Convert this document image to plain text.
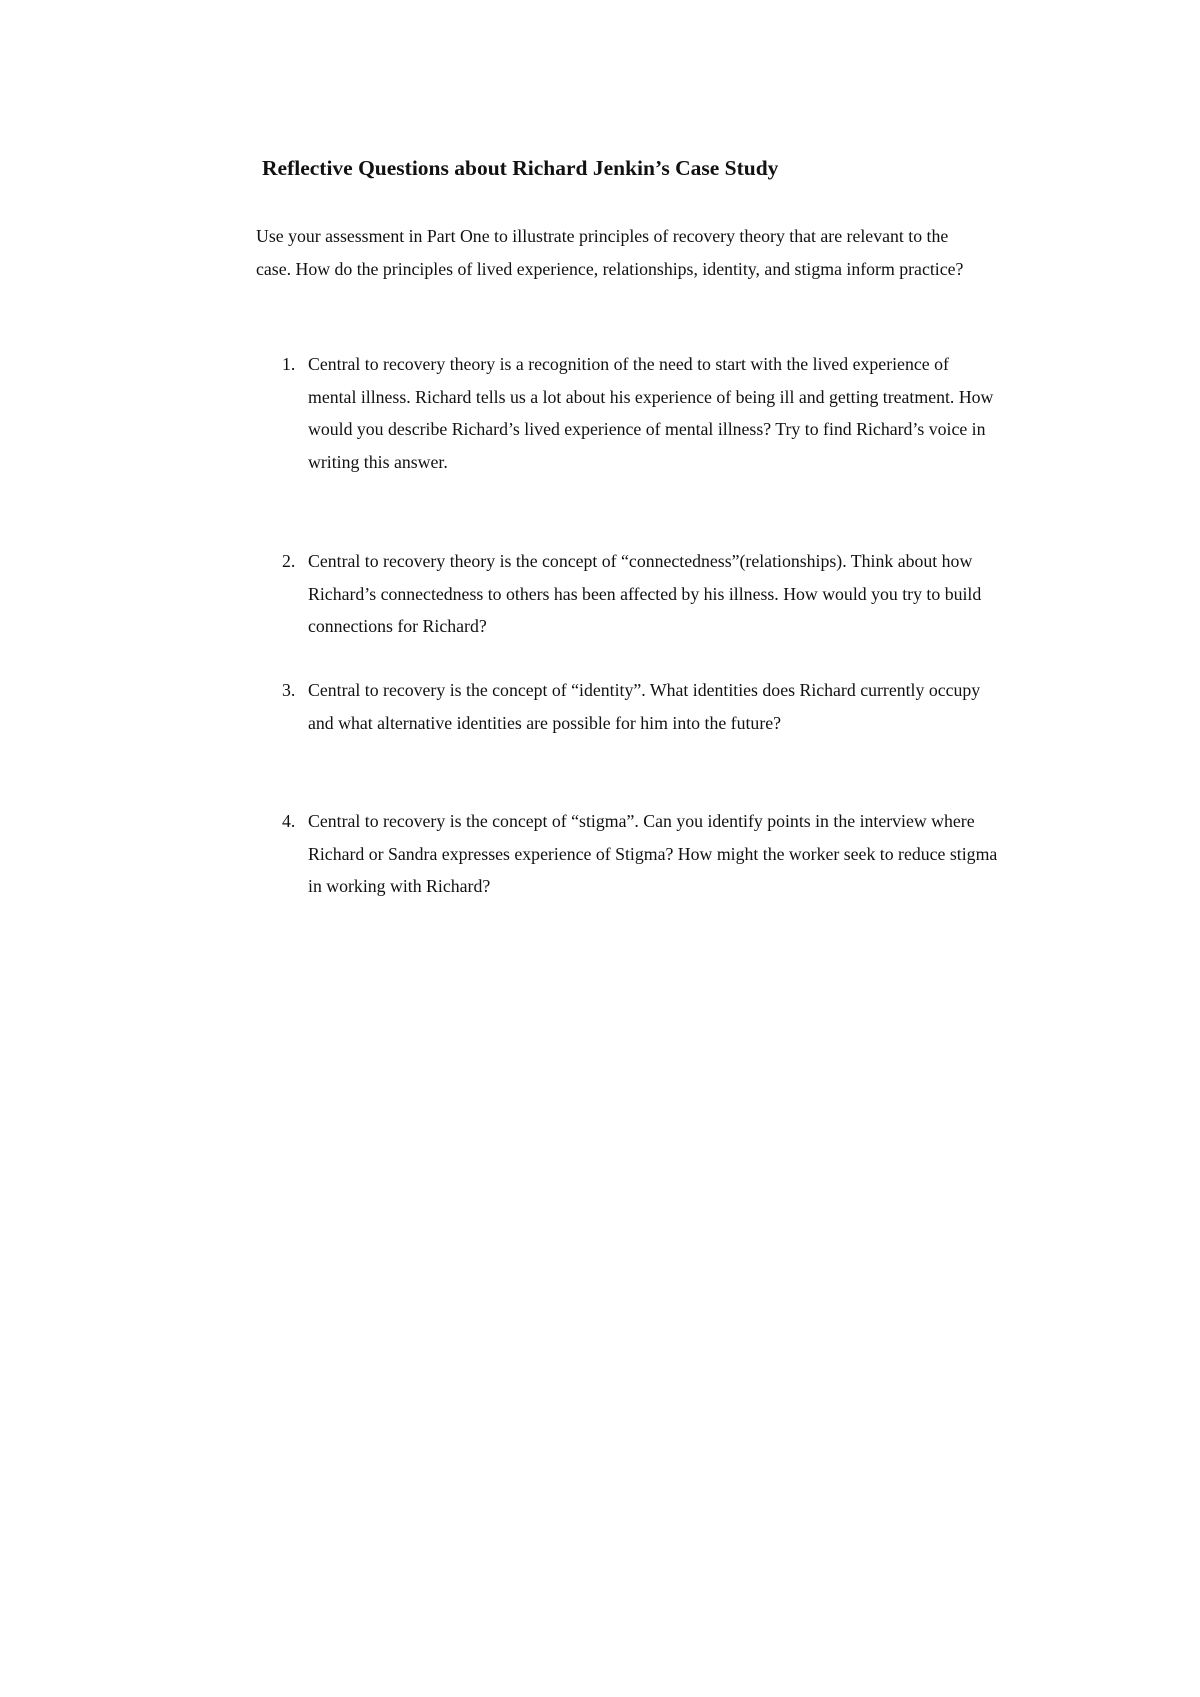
Reflective Questions about Richard Jenkin’s Case Study
Use your assessment in Part One to illustrate principles of recovery theory that are relevant to the case. How do the principles of lived experience, relationships, identity, and stigma inform practice?
1. Central to recovery theory is a recognition of the need to start with the lived experience of mental illness. Richard tells us a lot about his experience of being ill and getting treatment. How would you describe Richard’s lived experience of mental illness? Try to find Richard’s voice in writing this answer.
2. Central to recovery theory is the concept of “connectedness”(relationships). Think about how Richard’s connectedness to others has been affected by his illness. How would you try to build connections for Richard?
3. Central to recovery is the concept of “identity”. What identities does Richard currently occupy and what alternative identities are possible for him into the future?
4. Central to recovery is the concept of “stigma”. Can you identify points in the interview where Richard or Sandra expresses experience of Stigma? How might the worker seek to reduce stigma in working with Richard?
